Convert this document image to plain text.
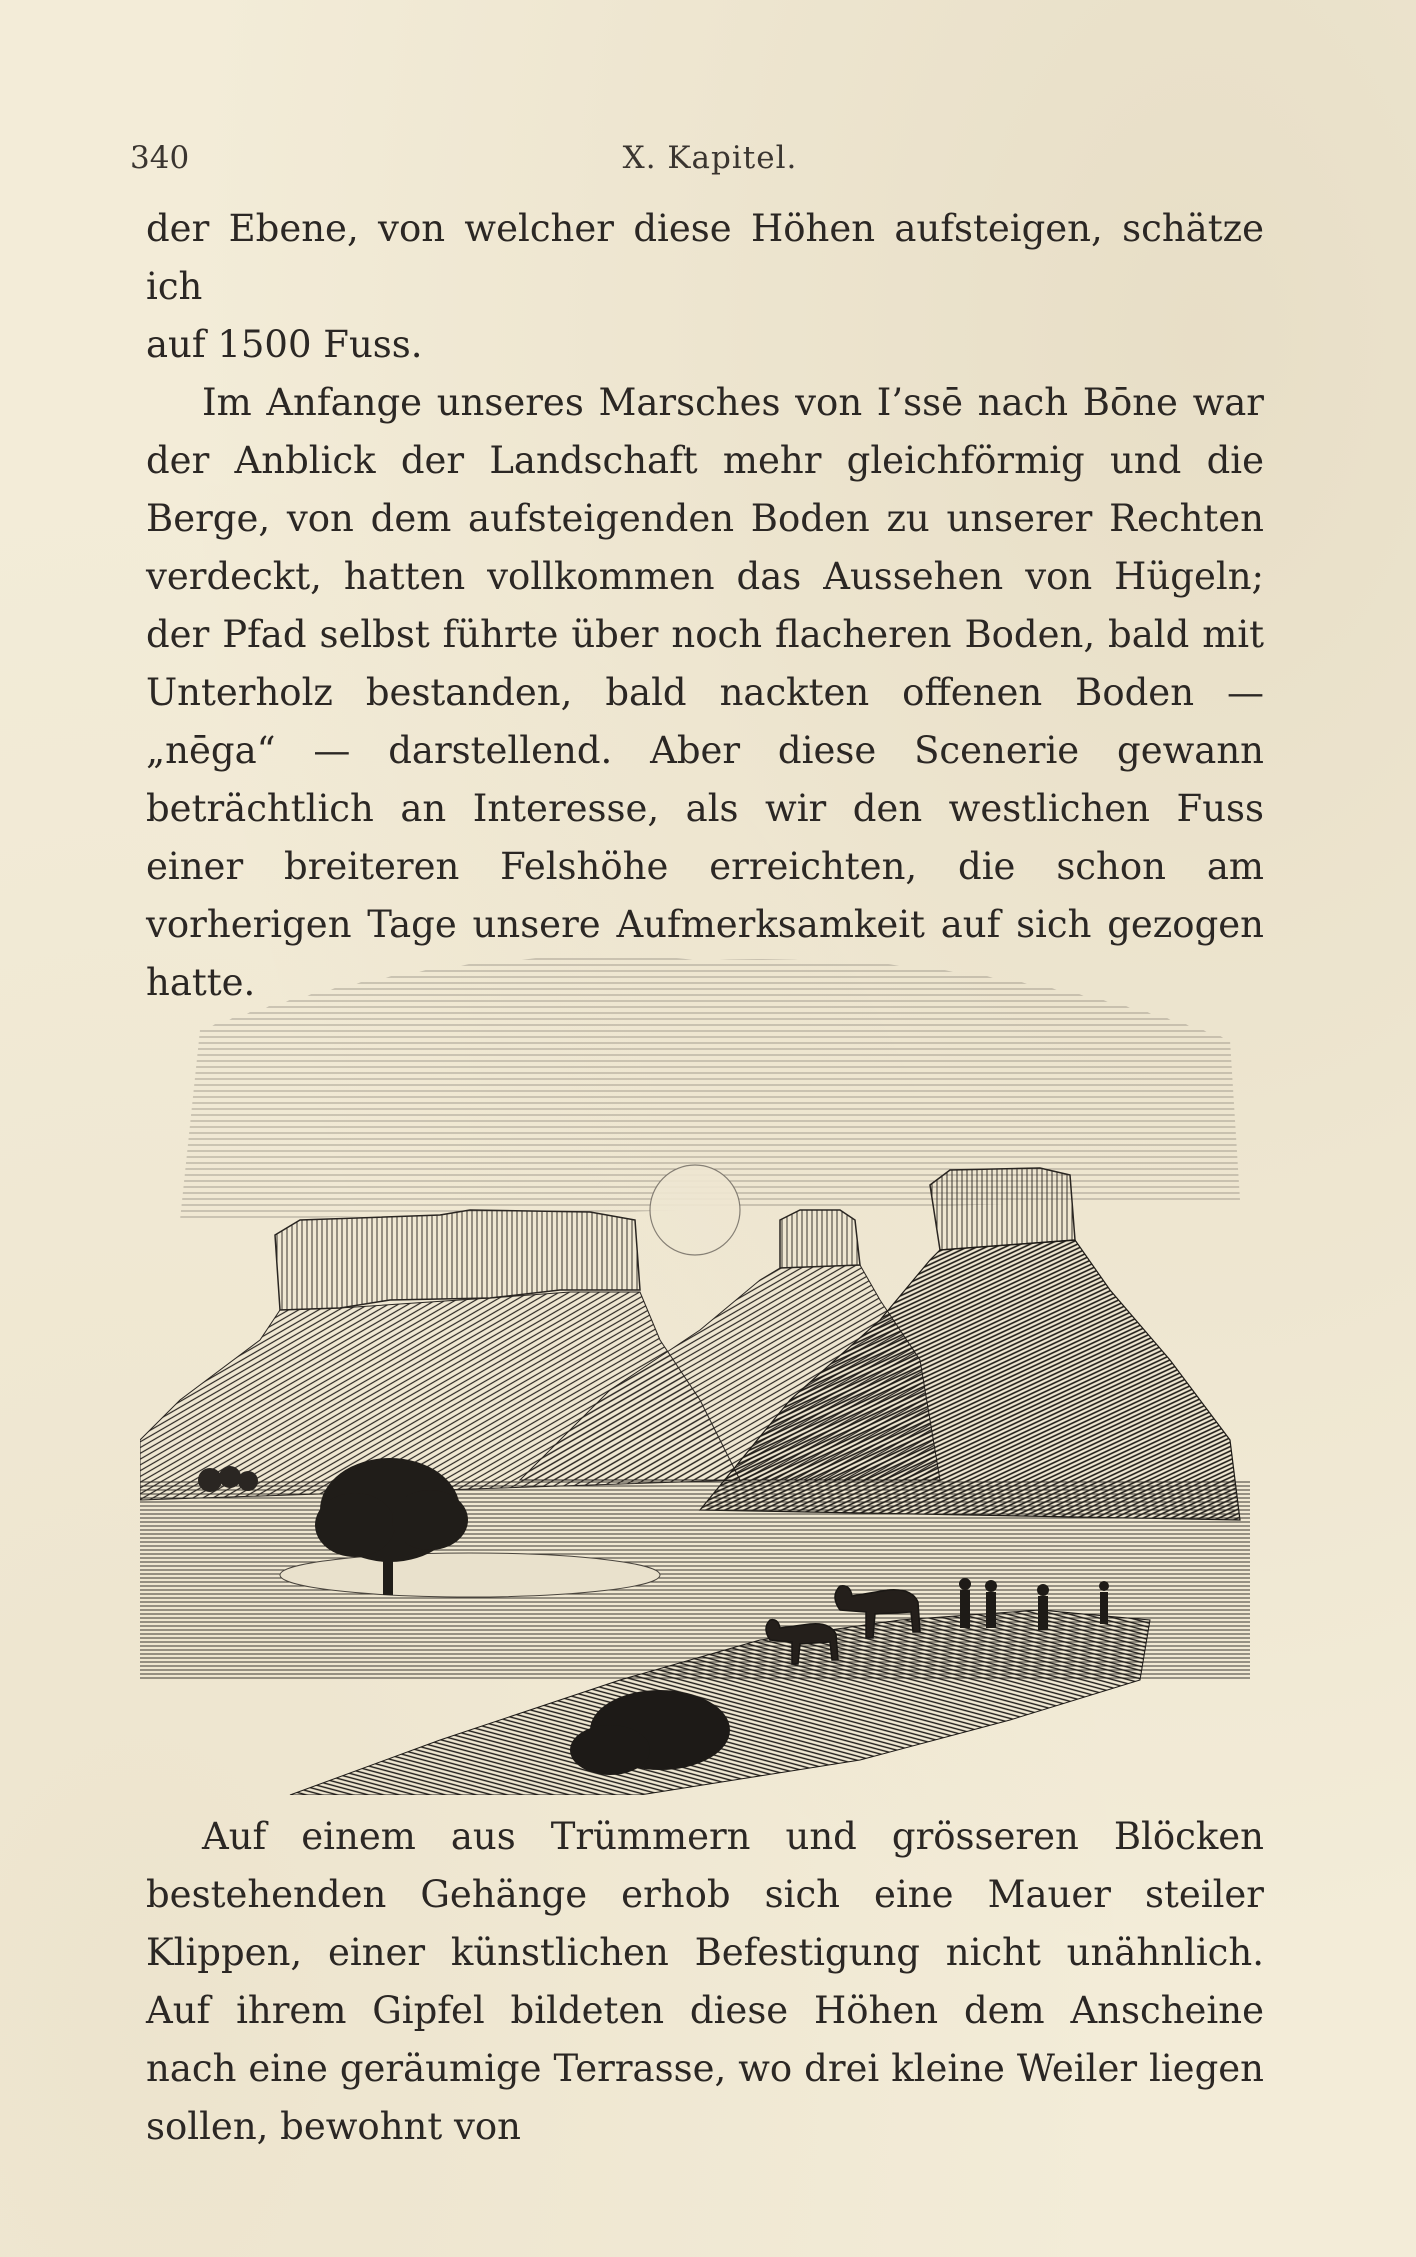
340	X. Kapitel.
der Ebene, von welcher diese Höhen aufsteigen, schätze ich
auf 1500 Fuss.
Im Anfange unseres Marsches von I’ssē nach Bōne war der Anblick der Landschaft mehr gleichförmig und die Berge, von dem aufsteigenden Boden zu unserer Rechten verdeckt, hatten vollkommen das Aussehen von Hügeln; der Pfad selbst führte über noch flacheren Boden, bald mit Unterholz bestanden, bald nackten offenen Boden — „nēga“ — darstellend. Aber diese Scenerie gewann beträchtlich an Interesse, als wir den westlichen Fuss einer breiteren Felshöhe erreichten, die schon am vorherigen Tage unsere Aufmerksamkeit auf sich gezogen hatte.
Auf einem aus Trümmern und grösseren Blöcken bestehenden Gehänge erhob sich eine Mauer steiler Klippen, einer künstlichen Befestigung nicht unähnlich. Auf ihrem Gipfel bildeten diese Höhen dem Anscheine nach eine geräumige Terrasse, wo drei kleine Weiler liegen sollen, bewohnt von
